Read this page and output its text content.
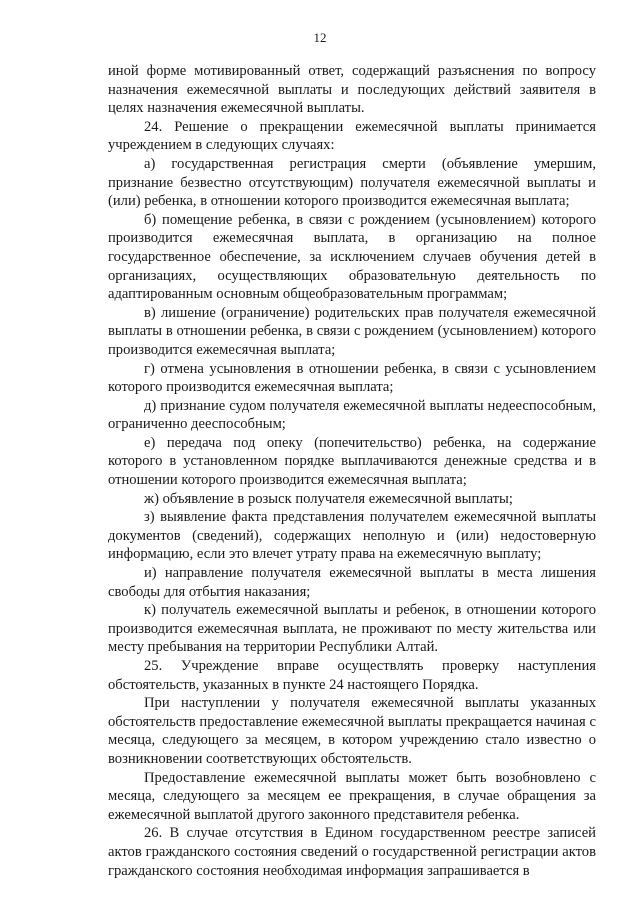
12

иной форме мотивированный ответ, содержащий разъяснения по вопросу назначения ежемесячной выплаты и последующих действий заявителя в целях назначения ежемесячной выплаты.

24. Решение о прекращении ежемесячной выплаты принимается учреждением в следующих случаях:

а) государственная регистрация смерти (объявление умершим, признание безвестно отсутствующим) получателя ежемесячной выплаты и (или) ребенка, в отношении которого производится ежемесячная выплата;

б) помещение ребенка, в связи с рождением (усыновлением) которого производится ежемесячная выплата, в организацию на полное государственное обеспечение, за исключением случаев обучения детей в организациях, осуществляющих образовательную деятельность по адаптированным основным общеобразовательным программам;

в) лишение (ограничение) родительских прав получателя ежемесячной выплаты в отношении ребенка, в связи с рождением (усыновлением) которого производится ежемесячная выплата;

г) отмена усыновления в отношении ребенка, в связи с усыновлением которого производится ежемесячная выплата;

д) признание судом получателя ежемесячной выплаты недееспособным, ограниченно дееспособным;

е) передача под опеку (попечительство) ребенка, на содержание которого в установленном порядке выплачиваются денежные средства и в отношении которого производится ежемесячная выплата;

ж) объявление в розыск получателя ежемесячной выплаты;

з) выявление факта представления получателем ежемесячной выплаты документов (сведений), содержащих неполную и (или) недостоверную информацию, если это влечет утрату права на ежемесячную выплату;

и) направление получателя ежемесячной выплаты в места лишения свободы для отбытия наказания;

к) получатель ежемесячной выплаты и ребенок, в отношении которого производится ежемесячная выплата, не проживают по месту жительства или месту пребывания на территории Республики Алтай.

25. Учреждение вправе осуществлять проверку наступления обстоятельств, указанных в пункте 24 настоящего Порядка.

При наступлении у получателя ежемесячной выплаты указанных обстоятельств предоставление ежемесячной выплаты прекращается начиная с месяца, следующего за месяцем, в котором учреждению стало известно о возникновении соответствующих обстоятельств.

Предоставление ежемесячной выплаты может быть возобновлено с месяца, следующего за месяцем ее прекращения, в случае обращения за ежемесячной выплатой другого законного представителя ребенка.

26. В случае отсутствия в Едином государственном реестре записей актов гражданского состояния сведений о государственной регистрации актов гражданского состояния необходимая информация запрашивается в
